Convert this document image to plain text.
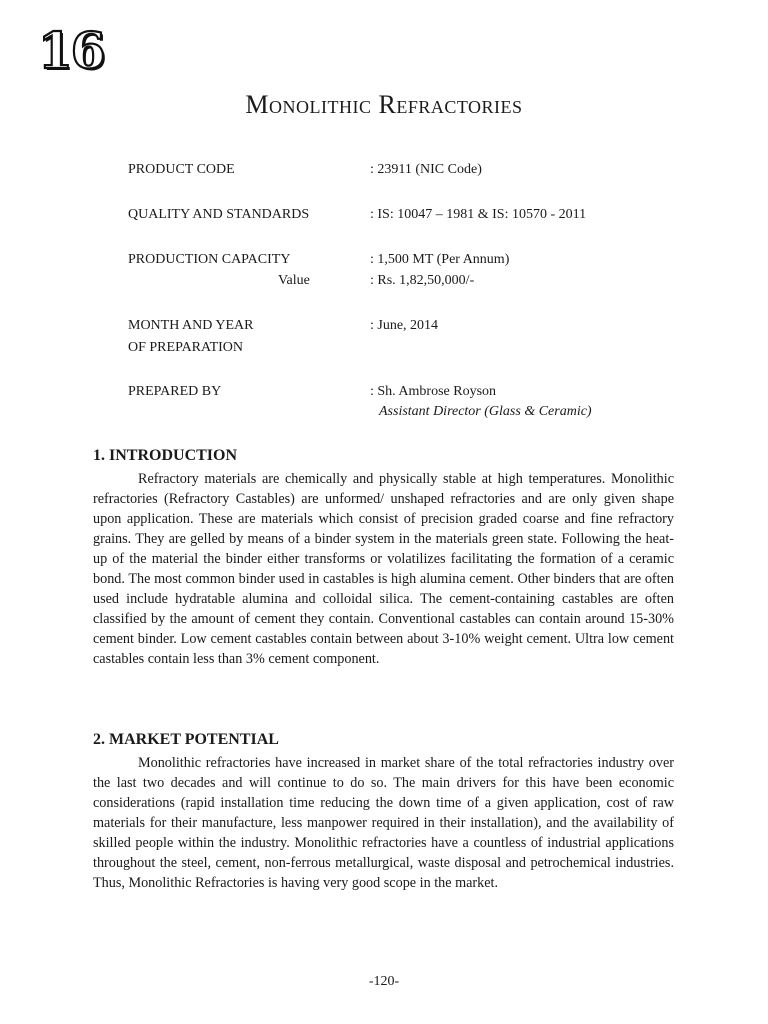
16
Monolithic Refractories
PRODUCT CODE	: 23911 (NIC Code)
QUALITY AND STANDARDS	: IS: 10047 – 1981 & IS: 10570 - 2011
PRODUCTION CAPACITY	: 1,500 MT (Per Annum)
Value	: Rs. 1,82,50,000/-
MONTH AND YEAR
OF PREPARATION
: June, 2014
PREPARED BY	: Sh. Ambrose Royson
Assistant Director (Glass & Ceramic)
1. INTRODUCTION

Refractory materials are chemically and physically stable at high temperatures. Monolithic refractories (Refractory Castables) are unformed/ unshaped refractories and are only given shape upon application. These are materials which consist of precision graded coarse and fine refractory grains. They are gelled by means of a binder system in the materials green state. Following the heat-up of the material the binder either transforms or volatilizes facilitating the formation of a ceramic bond. The most common binder used in castables is high alumina cement. Other binders that are often used include hydratable alumina and colloidal silica. The cement-containing castables are often classified by the amount of cement they contain. Conventional castables can contain around 15-30% cement binder. Low cement castables contain between about 3-10% weight cement. Ultra low cement castables contain less than 3% cement component.

2. MARKET POTENTIAL

Monolithic refractories have increased in market share of the total refractories industry over the last two decades and will continue to do so. The main drivers for this have been economic considerations (rapid installation time reducing the down time of a given application, cost of raw materials for their manufacture, less manpower required in their installation), and the availability of skilled people within the industry. Monolithic refractories have a countless of industrial applications throughout the steel, cement, non-ferrous metallurgical, waste disposal and petrochemical industries. Thus, Monolithic Refractories is having very good scope in the market.

-120-
